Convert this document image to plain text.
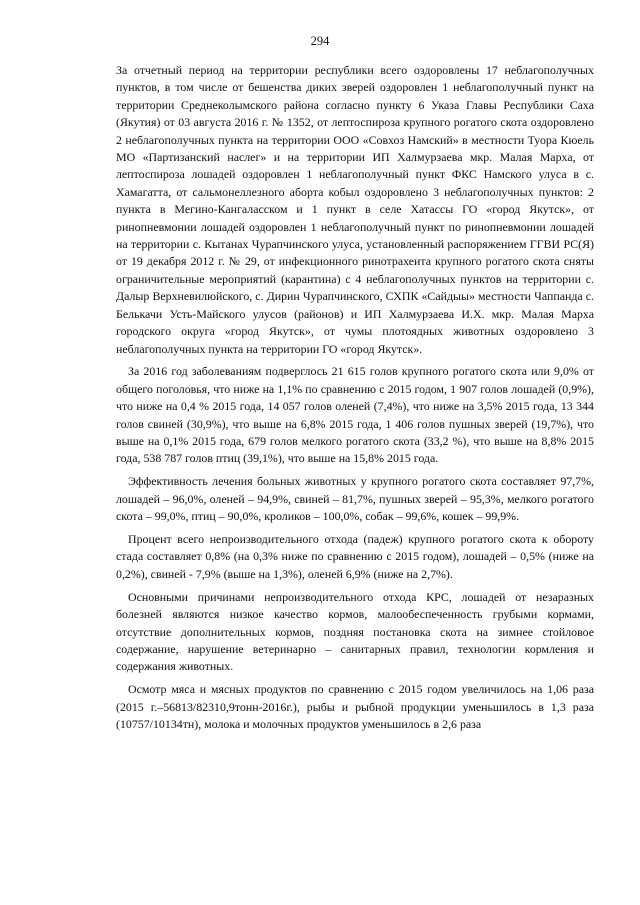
294

За отчетный период на территории республики всего оздоровлены 17 неблагополучных пунктов, в том числе от бешенства диких зверей оздоровлен 1 неблагополучный пункт на территории Среднеколымского района согласно пункту 6 Указа Главы Республики Саха (Якутия) от 03 августа 2016 г. № 1352, от лептоспироза крупного рогатого скота оздоровлено 2 неблагополучных пункта на территории ООО «Совхоз Намский» в местности Туора Кюель МО «Партизанский наслег» и на территории ИП Халмурзаева мкр. Малая Марха, от лептоспироза лошадей оздоровлен 1 неблагополучный пункт ФКС Намского улуса в с. Хамагатта, от сальмонеллезного аборта кобыл оздоровлено 3 неблагополучных пунктов: 2 пункта в Мегино-Кангаласском и 1 пункт в селе Хатассы ГО «город Якутск», от ринопневмонии лошадей оздоровлен 1 неблагополучный пункт по ринопневмонии лошадей на территории с. Кытанах Чурапчинского улуса, установленный распоряжением ГГВИ РС(Я) от 19 декабря 2012 г. № 29, от инфекционного ринотрахеита крупного рогатого скота сняты ограничительные мероприятий (карантина) с 4 неблагополучных пунктов на территории с. Далыр Верхневилюйского, с. Дирин Чурапчинского, СХПК «Сайдыы» местности Чаппанда с. Белькачи Усть-Майского улусов (районов) и ИП Халмурзаева И.Х. мкр. Малая Марха городского округа «город Якутск», от чумы плотоядных животных оздоровлено 3 неблагополучных пункта на территории ГО «город Якутск».

За 2016 год заболеваниям подверглось 21 615 голов крупного рогатого скота или 9,0% от общего поголовья, что ниже на 1,1% по сравнению с 2015 годом, 1 907 голов лошадей (0,9%), что ниже на 0,4 % 2015 года, 14 057 голов оленей (7,4%), что ниже на 3,5% 2015 года, 13 344 голов свиней (30,9%), что выше на 6,8% 2015 года, 1 406 голов пушных зверей (19,7%), что выше на 0,1% 2015 года, 679 голов мелкого рогатого скота (33,2 %), что выше на 8,8% 2015 года, 538 787 голов птиц (39,1%), что выше на 15,8% 2015 года.

Эффективность лечения больных животных у крупного рогатого скота составляет 97,7%, лошадей – 96,0%, оленей – 94,9%, свиней – 81,7%, пушных зверей – 95,3%, мелкого рогатого скота – 99,0%, птиц – 90,0%, кроликов – 100,0%, собак – 99,6%, кошек – 99,9%.

Процент всего непроизводительного отхода (падеж) крупного рогатого скота к обороту стада составляет 0,8% (на 0,3% ниже по сравнению с 2015 годом), лошадей – 0,5% (ниже на 0,2%), свиней - 7,9% (выше на 1,3%), оленей 6,9% (ниже на 2,7%).

Основными причинами непроизводительного отхода КРС, лошадей от незаразных болезней являются низкое качество кормов, малообеспеченность грубыми кормами, отсутствие дополнительных кормов, поздняя постановка скота на зимнее стойловое содержание, нарушение ветеринарно – санитарных правил, технологии кормления и содержания животных.

Осмотр мяса и мясных продуктов по сравнению с 2015 годом увеличилось на 1,06 раза (2015 г.–56813/82310,9тонн-2016г.), рыбы и рыбной продукции уменьшилось в 1,3 раза (10757/10134тн), молока и молочных продуктов уменьшилось в 2,6 раза
